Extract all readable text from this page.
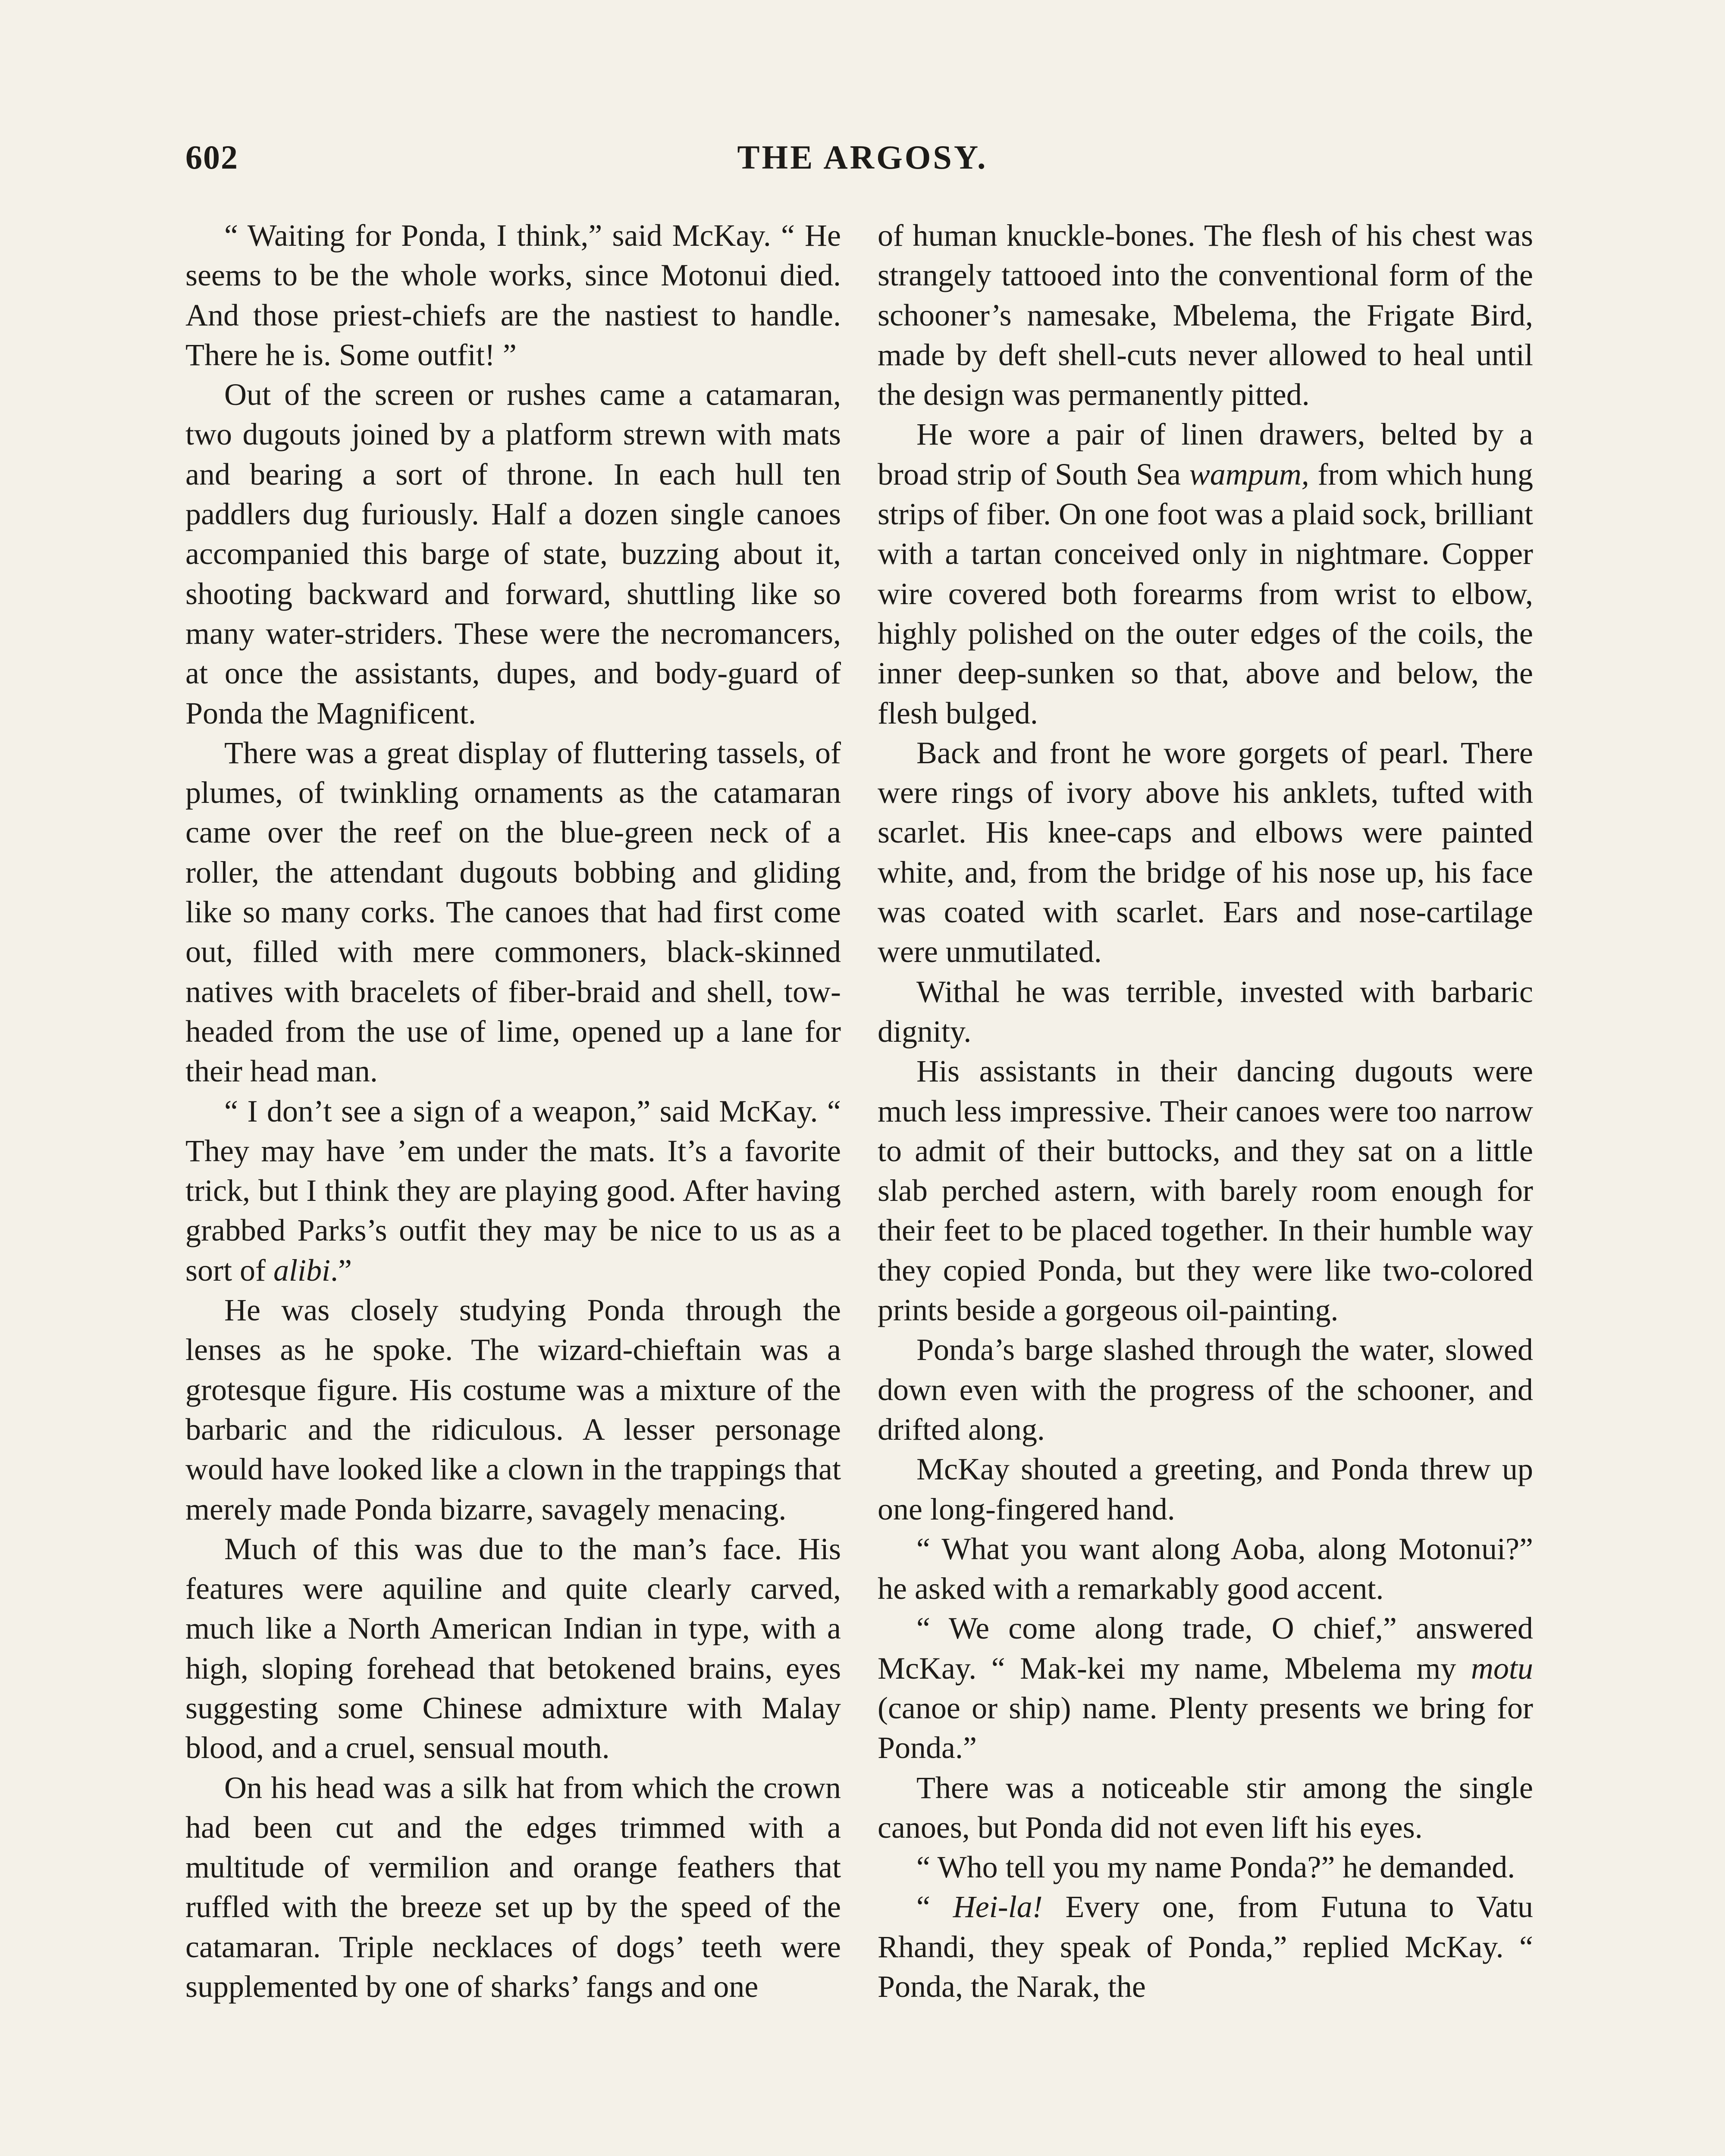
602	THE ARGOSY.

“ Waiting for Ponda, I think,” said McKay. “ He seems to be the whole works, since Motonui died. And those priest-chiefs are the nastiest to handle. There he is. Some outfit! ”

Out of the screen or rushes came a catamaran, two dugouts joined by a platform strewn with mats and bearing a sort of throne. In each hull ten paddlers dug furiously. Half a dozen single canoes accompanied this barge of state, buzzing about it, shooting backward and forward, shuttling like so many water-striders. These were the necromancers, at once the assistants, dupes, and body-guard of Ponda the Magnificent.

There was a great display of fluttering tassels, of plumes, of twinkling ornaments as the catamaran came over the reef on the blue-green neck of a roller, the attendant dugouts bobbing and gliding like so many corks. The canoes that had first come out, filled with mere commoners, black-skinned natives with bracelets of fiber-braid and shell, tow-headed from the use of lime, opened up a lane for their head man.

“ I don’t see a sign of a weapon,” said McKay. “ They may have ’em under the mats. It’s a favorite trick, but I think they are playing good. After having grabbed Parks’s outfit they may be nice to us as a sort of alibi.”

He was closely studying Ponda through the lenses as he spoke. The wizard-chieftain was a grotesque figure. His costume was a mixture of the barbaric and the ridiculous. A lesser personage would have looked like a clown in the trappings that merely made Ponda bizarre, savagely menacing.

Much of this was due to the man’s face. His features were aquiline and quite clearly carved, much like a North American Indian in type, with a high, sloping forehead that betokened brains, eyes suggesting some Chinese admixture with Malay blood, and a cruel, sensual mouth.

On his head was a silk hat from which the crown had been cut and the edges trimmed with a multitude of vermilion and orange feathers that ruffled with the breeze set up by the speed of the catamaran. Triple necklaces of dogs’ teeth were supplemented by one of sharks’ fangs and one

of human knuckle-bones. The flesh of his chest was strangely tattooed into the conventional form of the schooner’s namesake, Mbelema, the Frigate Bird, made by deft shell-cuts never allowed to heal until the design was permanently pitted.

He wore a pair of linen drawers, belted by a broad strip of South Sea wampum, from which hung strips of fiber. On one foot was a plaid sock, brilliant with a tartan conceived only in nightmare. Copper wire covered both forearms from wrist to elbow, highly polished on the outer edges of the coils, the inner deep-sunken so that, above and below, the flesh bulged.

Back and front he wore gorgets of pearl. There were rings of ivory above his anklets, tufted with scarlet. His knee-caps and elbows were painted white, and, from the bridge of his nose up, his face was coated with scarlet. Ears and nose-cartilage were unmutilated.

Withal he was terrible, invested with barbaric dignity.

His assistants in their dancing dugouts were much less impressive. Their canoes were too narrow to admit of their buttocks, and they sat on a little slab perched astern, with barely room enough for their feet to be placed together. In their humble way they copied Ponda, but they were like two-colored prints beside a gorgeous oil-painting.

Ponda’s barge slashed through the water, slowed down even with the progress of the schooner, and drifted along.

McKay shouted a greeting, and Ponda threw up one long-fingered hand.

“ What you want along Aoba, along Motonui?” he asked with a remarkably good accent.

“ We come along trade, O chief,” answered McKay. “ Mak-kei my name, Mbelema my motu (canoe or ship) name. Plenty presents we bring for Ponda.”

There was a noticeable stir among the single canoes, but Ponda did not even lift his eyes.

“ Who tell you my name Ponda?” he demanded.

“ Hei-la! Every one, from Futuna to Vatu Rhandi, they speak of Ponda,” replied McKay. “ Ponda, the Narak, the
